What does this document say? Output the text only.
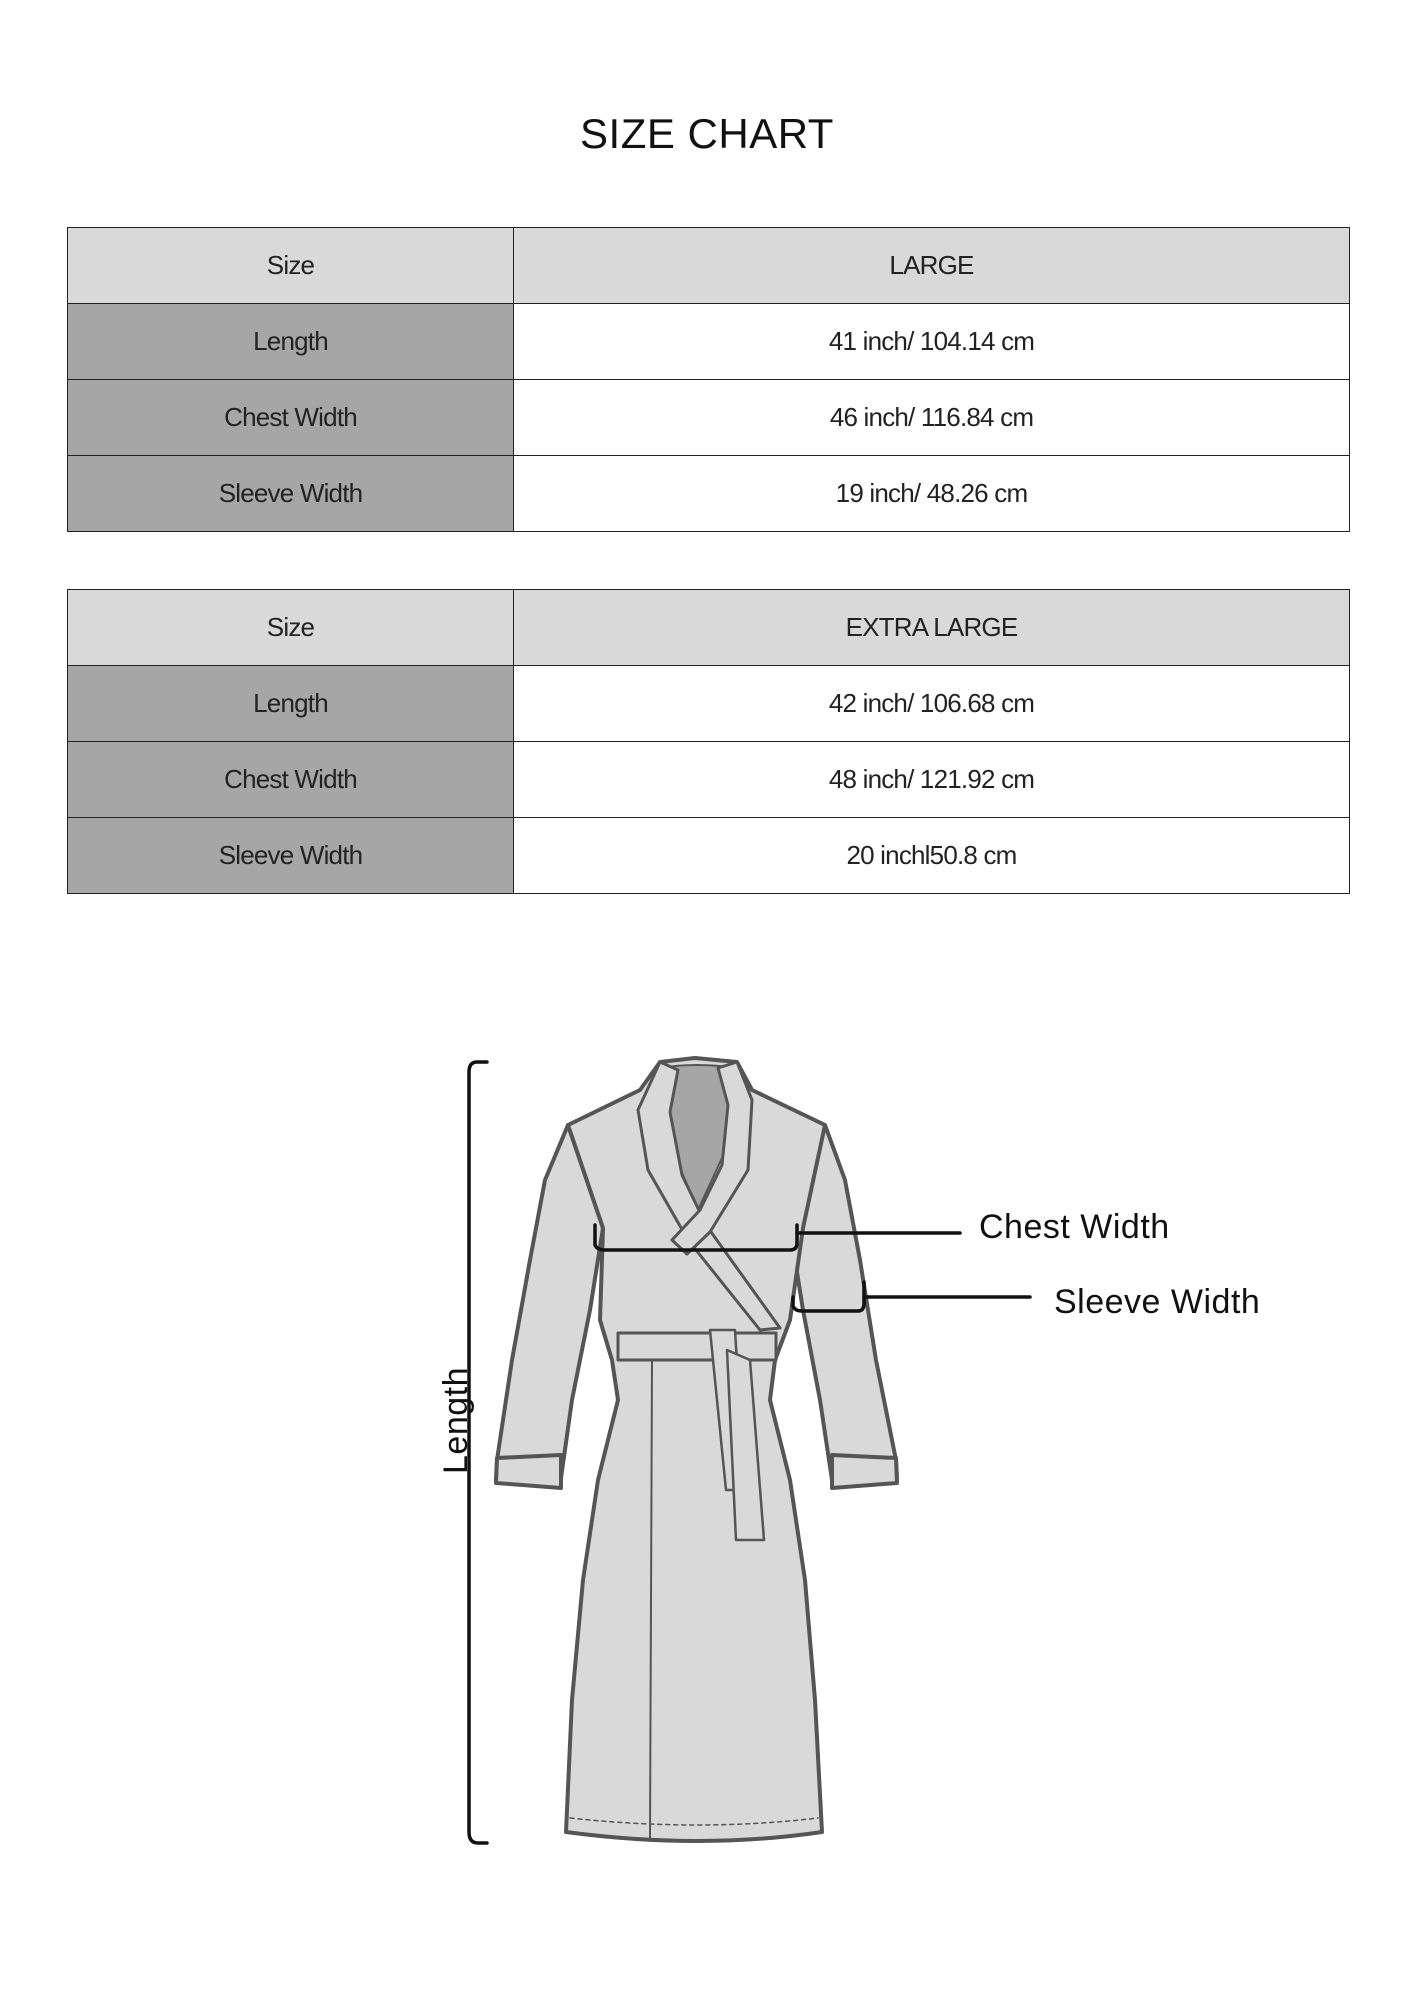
SIZE CHART
Size	LARGE
Length	41 inch/ 104.14 cm
Chest Width	46 inch/ 116.84 cm
Sleeve Width	19 inch/ 48.26 cm
Size	EXTRA LARGE
Length	42 inch/ 106.68 cm
Chest Width	48 inch/ 121.92 cm
Sleeve Width	20 inchl50.8 cm
Chest Width
Sleeve Width
Length
